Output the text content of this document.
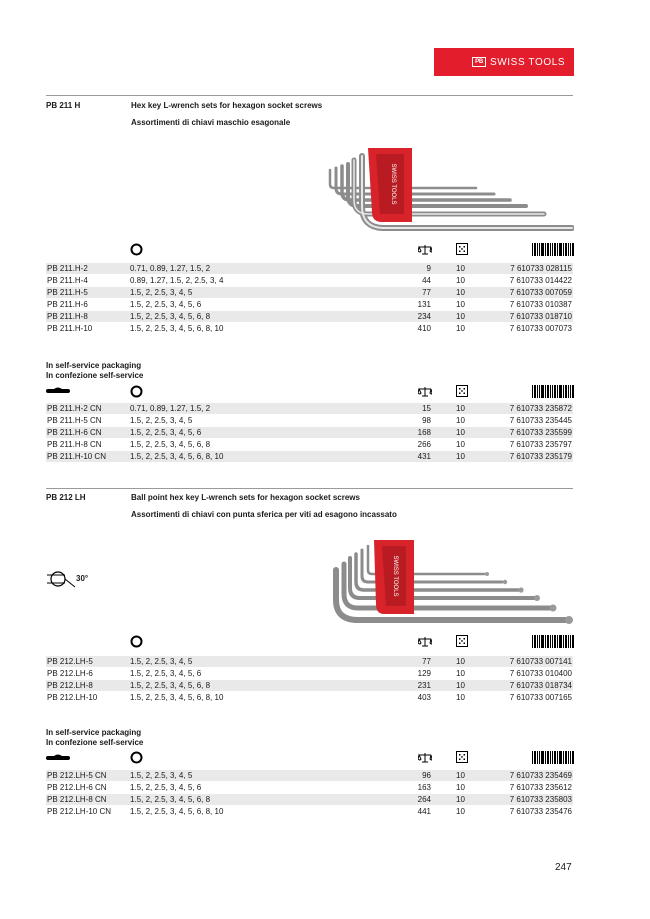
PB SWISS TOOLS
PB 211 H	Hex key L-wrench sets for hexagon socket screws
Assortimenti di chiavi maschio esagonale
SWISS TOOLS
PB 211.H-2	0.71, 0.89, 1.27, 1.5, 2	9	10	7 610733 028115
PB 211.H-4	0.89, 1.27, 1.5, 2, 2.5, 3, 4	44	10	7 610733 014422
PB 211.H-5	1.5, 2, 2.5, 3, 4, 5	77	10	7 610733 007059
PB 211.H-6	1.5, 2, 2.5, 3, 4, 5, 6	131	10	7 610733 010387
PB 211.H-8	1.5, 2, 2.5, 3, 4, 5, 6, 8	234	10	7 610733 018710
PB 211.H-10	1.5, 2, 2.5, 3, 4, 5, 6, 8, 10	410	10	7 610733 007073
In self-service packaging
In confezione self-service
PB 211.H-2 CN	0.71, 0.89, 1.27, 1.5, 2	15	10	7 610733 235872
PB 211.H-5 CN	1.5, 2, 2.5, 3, 4, 5	98	10	7 610733 235445
PB 211.H-6 CN	1.5, 2, 2.5, 3, 4, 5, 6	168	10	7 610733 235599
PB 211.H-8 CN	1.5, 2, 2.5, 3, 4, 5, 6, 8	266	10	7 610733 235797
PB 211.H-10 CN	1.5, 2, 2.5, 3, 4, 5, 6, 8, 10	431	10	7 610733 235179
PB 212 LH	Ball point hex key L-wrench sets for hexagon socket screws
Assortimenti di chiavi con punta sferica per viti ad esagono incassato
SWISS TOOLS
30°
PB 212.LH-5	1.5, 2, 2.5, 3, 4, 5	77	10	7 610733 007141
PB 212.LH-6	1.5, 2, 2.5, 3, 4, 5, 6	129	10	7 610733 010400
PB 212.LH-8	1.5, 2, 2.5, 3, 4, 5, 6, 8	231	10	7 610733 018734
PB 212.LH-10	1.5, 2, 2.5, 3, 4, 5, 6, 8, 10	403	10	7 610733 007165
In self-service packaging
In confezione self-service
PB 212.LH-5 CN	1.5, 2, 2.5, 3, 4, 5	96	10	7 610733 235469
PB 212.LH-6 CN	1.5, 2, 2.5, 3, 4, 5, 6	163	10	7 610733 235612
PB 212.LH-8 CN	1.5, 2, 2.5, 3, 4, 5, 6, 8	264	10	7 610733 235803
PB 212.LH-10 CN 1.5, 2, 2.5, 3, 4, 5, 6, 8, 10	441	10	7 610733 235476
247
